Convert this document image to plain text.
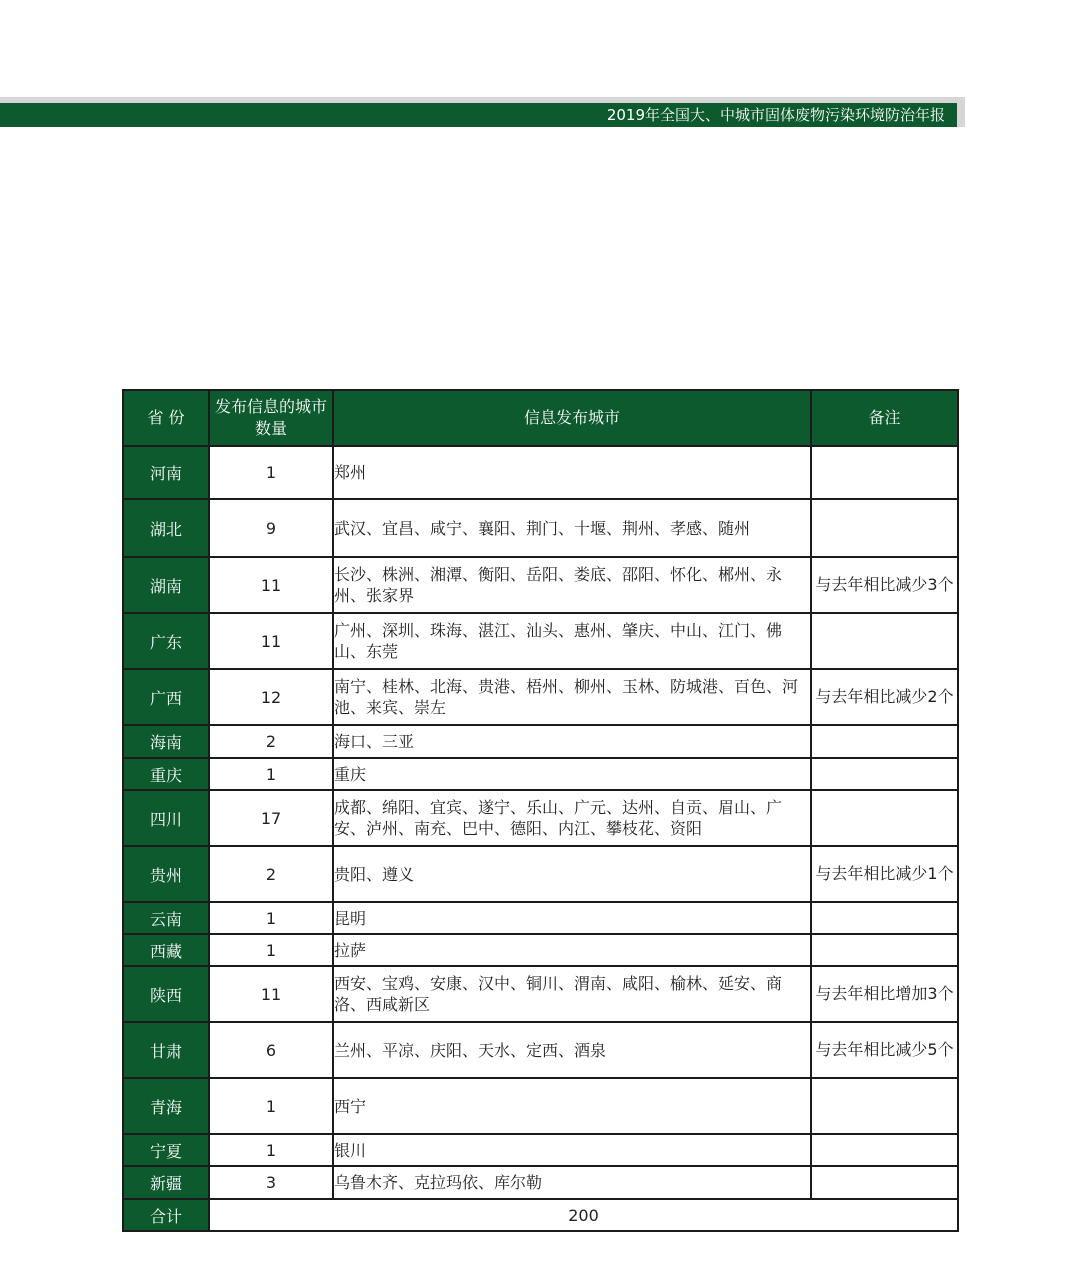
2019年全国大、中城市固体废物污染环境防治年报
省 份	发布信息的城市数量	信息发布城市	备注
河南	1	郑州	
湖北	9	武汉、宜昌、咸宁、襄阳、荆门、十堰、荆州、孝感、随州	
湖南	11	长沙、株洲、湘潭、衡阳、岳阳、娄底、邵阳、怀化、郴州、永州、张家界	与去年相比减少3个
广东	11	广州、深圳、珠海、湛江、汕头、惠州、肇庆、中山、江门、佛山、东莞	
广西	12	南宁、桂林、北海、贵港、梧州、柳州、玉林、防城港、百色、河池、来宾、崇左	与去年相比减少2个
海南	2	海口、三亚	
重庆	1	重庆	
四川	17	成都、绵阳、宜宾、遂宁、乐山、广元、达州、自贡、眉山、广安、泸州、南充、巴中、德阳、内江、攀枝花、资阳	
贵州	2	贵阳、遵义	与去年相比减少1个
云南	1	昆明	
西藏	1	拉萨	
陕西	11	西安、宝鸡、安康、汉中、铜川、渭南、咸阳、榆林、延安、商洛、西咸新区	与去年相比增加3个
甘肃	6	兰州、平凉、庆阳、天水、定西、酒泉	与去年相比减少5个
青海	1	西宁	
宁夏	1	银川	
新疆	3	乌鲁木齐、克拉玛依、库尔勒	
合计	200		
